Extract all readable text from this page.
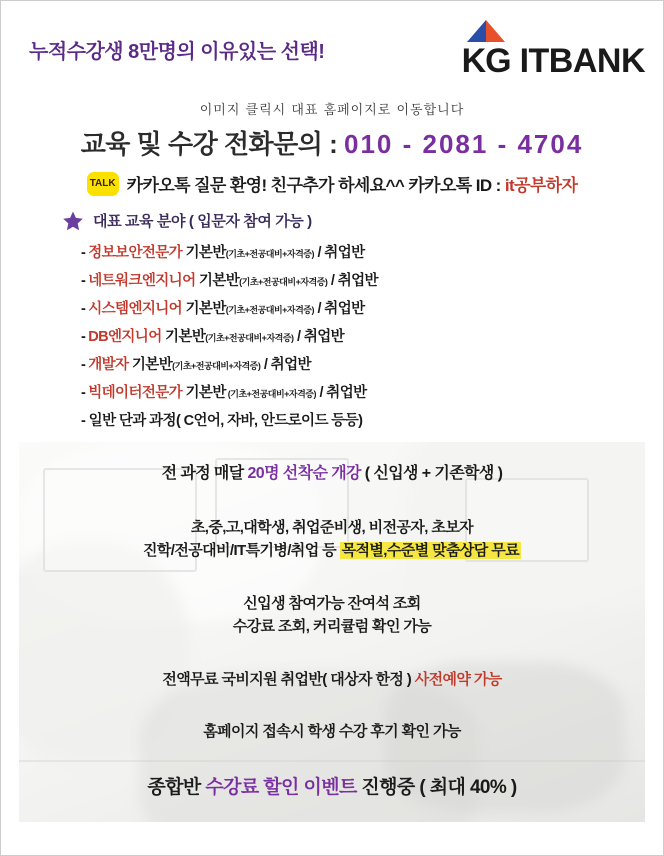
누적수강생 8만명의 이유있는 선택!	KG ITBANK
이미지 클릭시 대표 홈페이지로 이동합니다
교육 및 수강 전화문의 : 010 - 2081 - 4704
TALK 카카오톡 질문 환영! 친구추가 하세요^^ 카카오톡 ID : it공부하자
대표 교육 분야 ( 입문자 참여 가능 )
- 정보보안전문가 기본반(기초+전공대비+자격증) / 취업반
- 네트워크엔지니어 기본반(기초+전공대비+자격증) / 취업반
- 시스템엔지니어 기본반(기초+전공대비+자격증) / 취업반
- DB엔지니어 기본반(기초+전공대비+자격증) / 취업반
- 개발자 기본반(기초+전공대비+자격증) / 취업반
- 빅데이터전문가 기본반 (기초+전공대비+자격증) / 취업반
- 일반 단과 과정( C언어, 자바, 안드로이드 등등)
전 과정 매달 20명 선착순 개강 ( 신입생 + 기존학생 )
초,중,고,대학생, 취업준비생, 비전공자, 초보자
진학/전공대비/IT특기병/취업 등 목적별,수준별 맞춤상담 무료
신입생 참여가능 잔여석 조회
수강료 조회, 커리큘럼 확인 가능
전액무료 국비지원 취업반( 대상자 한정 ) 사전예약 가능
홈페이지 접속시 학생 수강 후기 확인 가능
종합반 수강료 할인 이벤트 진행중 ( 최대 40% )
